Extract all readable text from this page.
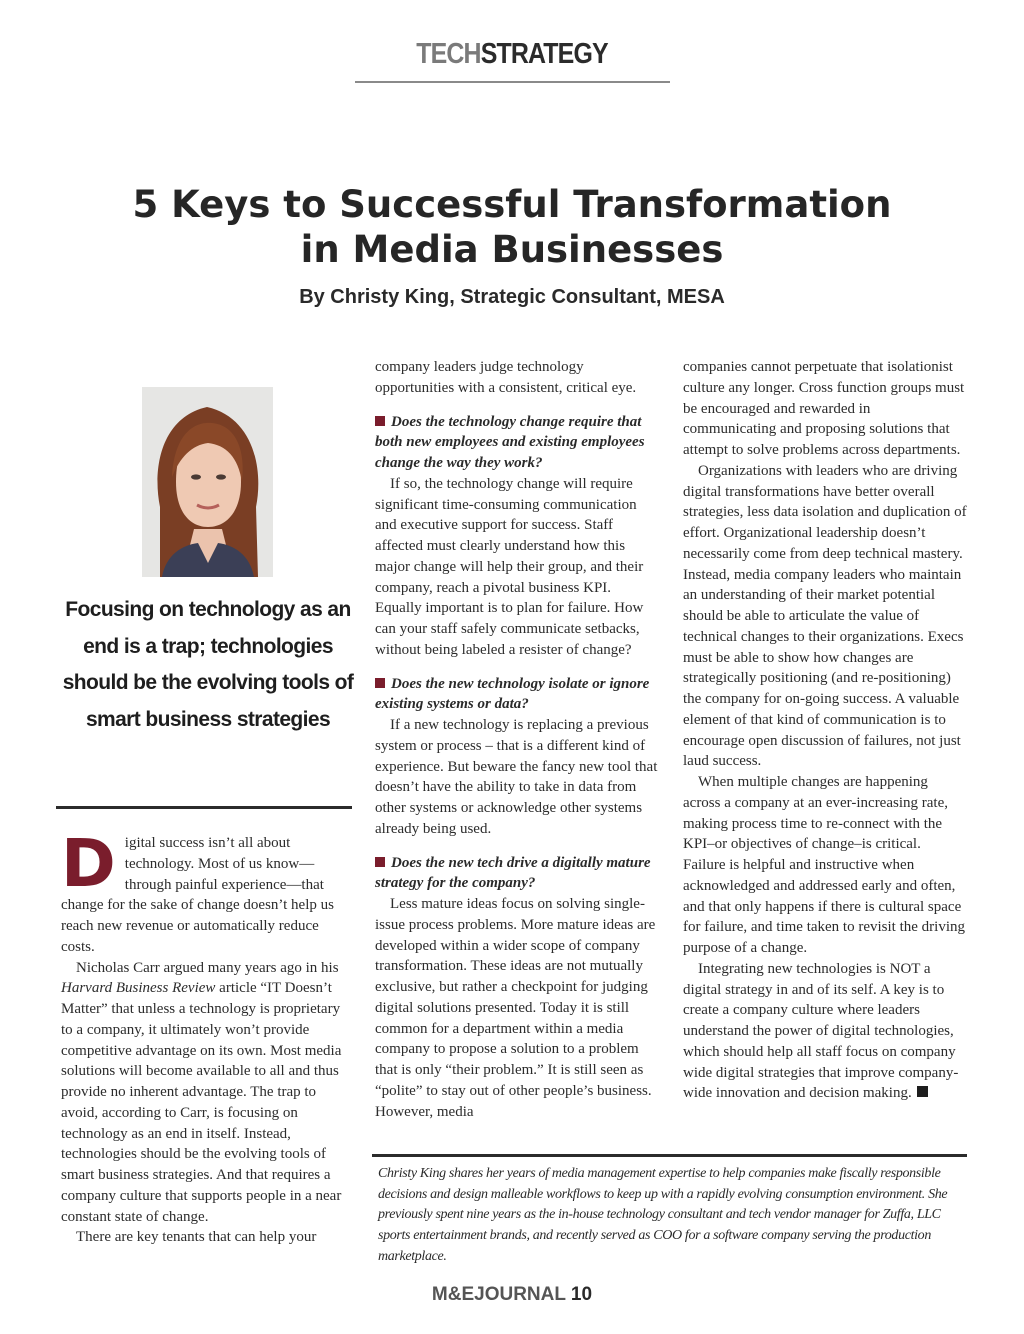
TECHSTRATEGY
5 Keys to Successful Transformation
in Media Businesses
By Christy King, Strategic Consultant, MESA
Focusing on technology as an end is a trap; technologies should be the evolving tools of smart business strategies

Digital success isn’t all about technology. Most of us know—through painful experience—that change for the sake of change doesn’t help us reach new revenue or automatically reduce costs.

Nicholas Carr argued many years ago in his Harvard Business Review article “IT Doesn’t Matter” that unless a technology is proprietary to a company, it ultimately won’t provide competitive advantage on its own. Most media solutions will become available to all and thus provide no inherent advantage. The trap to avoid, according to Carr, is focusing on technology as an end in itself. Instead, technologies should be the evolving tools of smart business strategies. And that requires a company culture that supports people in a near constant state of change.

There are key tenants that can help your

company leaders judge technology opportunities with a consistent, critical eye.

Does the technology change require that both new employees and existing employees change the way they work?

If so, the technology change will require significant time-consuming communication and executive support for success. Staff affected must clearly understand how this major change will help their group, and their company, reach a pivotal business KPI. Equally important is to plan for failure. How can your staff safely communicate setbacks, without being labeled a resister of change?

Does the new technology isolate or ignore existing systems or data?

If a new technology is replacing a previous system or process – that is a different kind of experience. But beware the fancy new tool that doesn’t have the ability to take in data from other systems or acknowledge other systems already being used.

Does the new tech drive a digitally mature strategy for the company?

Less mature ideas focus on solving single-issue process problems. More mature ideas are developed within a wider scope of company transformation. These ideas are not mutually exclusive, but rather a checkpoint for judging digital solutions presented. Today it is still common for a department within a media company to propose a solution to a problem that is only “their problem.” It is still seen as “polite” to stay out of other people’s business. However, media

companies cannot perpetuate that isolationist culture any longer. Cross function groups must be encouraged and rewarded in communicating and proposing solutions that attempt to solve problems across departments.

Organizations with leaders who are driving digital transformations have better overall strategies, less data isolation and duplication of effort. Organizational leadership doesn’t necessarily come from deep technical mastery. Instead, media company leaders who maintain an understanding of their market potential should be able to articulate the value of technical changes to their organizations. Execs must be able to show how changes are strategically positioning (and re-positioning) the company for on-going success. A valuable element of that kind of communication is to encourage open discussion of failures, not just laud success.

When multiple changes are happening across a company at an ever-increasing rate, making process time to re-connect with the KPI–or objectives of change–is critical. Failure is helpful and instructive when acknowledged and addressed early and often, and that only happens if there is cultural space for failure, and time taken to revisit the driving purpose of a change.

Integrating new technologies is NOT a digital strategy in and of its self. A key is to create a company culture where leaders understand the power of digital technologies, which should help all staff focus on company wide digital strategies that improve company-wide innovation and decision making.

Christy King shares her years of media management expertise to help companies make fiscally responsible decisions and design malleable workflows to keep up with a rapidly evolving consumption environment. She previously spent nine years as the in-house technology consultant and tech vendor manager for Zuffa, LLC sports entertainment brands, and recently served as COO for a software company serving the production marketplace.
M&EJOURNAL 10
